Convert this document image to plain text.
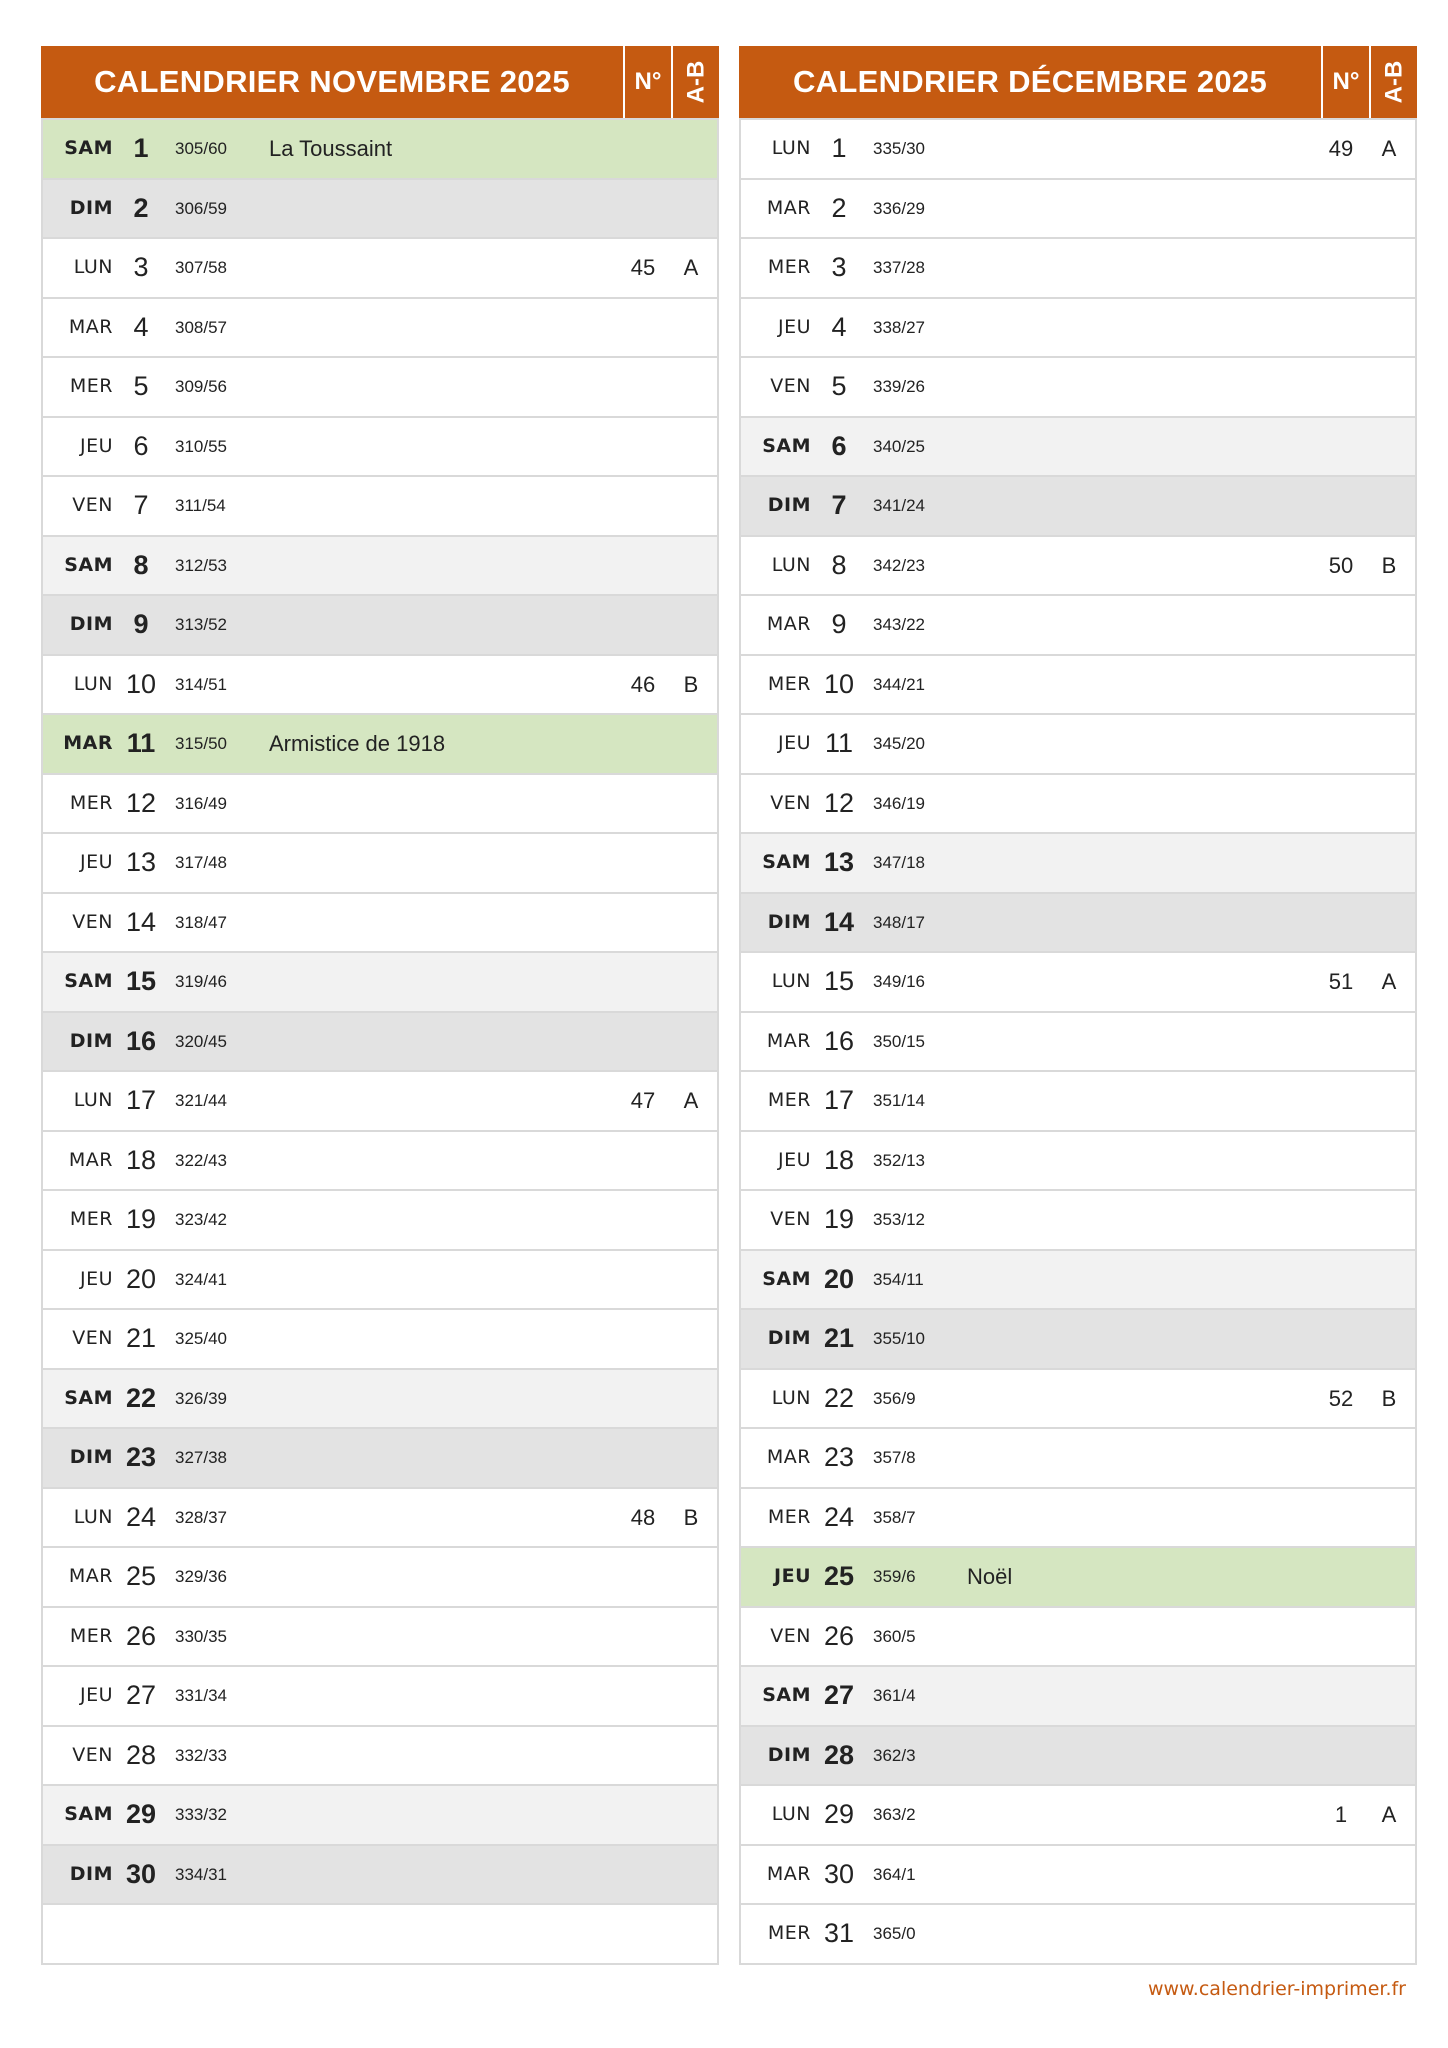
CALENDRIER NOVEMBRE 2025	N° A-B
SAM 1	305/60 La Toussaint
DIM 2	306/59
LUN 3	307/58	45	A
MAR 4	308/57
MER 5	309/56
JEU 6	310/55
VEN 7	311/54
SAM 8	312/53
DIM 9	313/52
LUN 10	314/51	46	B
MAR 11	315/50 Armistice de 1918
MER 12	316/49
JEU 13	317/48
VEN 14	318/47
SAM 15	319/46
DIM 16	320/45
LUN 17	321/44	47	A
MAR 18	322/43
MER 19	323/42
JEU 20	324/41
VEN 21	325/40
SAM 22	326/39
DIM 23	327/38
LUN 24	328/37	48	B
MAR 25	329/36
MER 26	330/35
JEU 27	331/34
VEN 28	332/33
SAM 29	333/32
DIM 30	334/31
CALENDRIER DÉCEMBRE 2025	N° A-B
LUN 1	335/30	49	A
MAR 2	336/29
MER 3	337/28
JEU 4	338/27
VEN 5	339/26
SAM 6	340/25
DIM 7	341/24
LUN 8	342/23	50	B
MAR 9	343/22
MER 10	344/21
JEU 11	345/20
VEN 12	346/19
SAM 13	347/18
DIM 14	348/17
LUN 15	349/16	51	A
MAR 16	350/15
MER 17	351/14
JEU 18	352/13
VEN 19	353/12
SAM 20	354/11
DIM 21	355/10
LUN 22	356/9	52	B
MAR 23	357/8
MER 24	358/7
JEU 25	359/6 Noël
VEN 26	360/5
SAM 27	361/4
DIM 28	362/3
LUN 29	363/2	1	A
MAR 30	364/1
MER 31	365/0
www.calendrier-imprimer.fr
